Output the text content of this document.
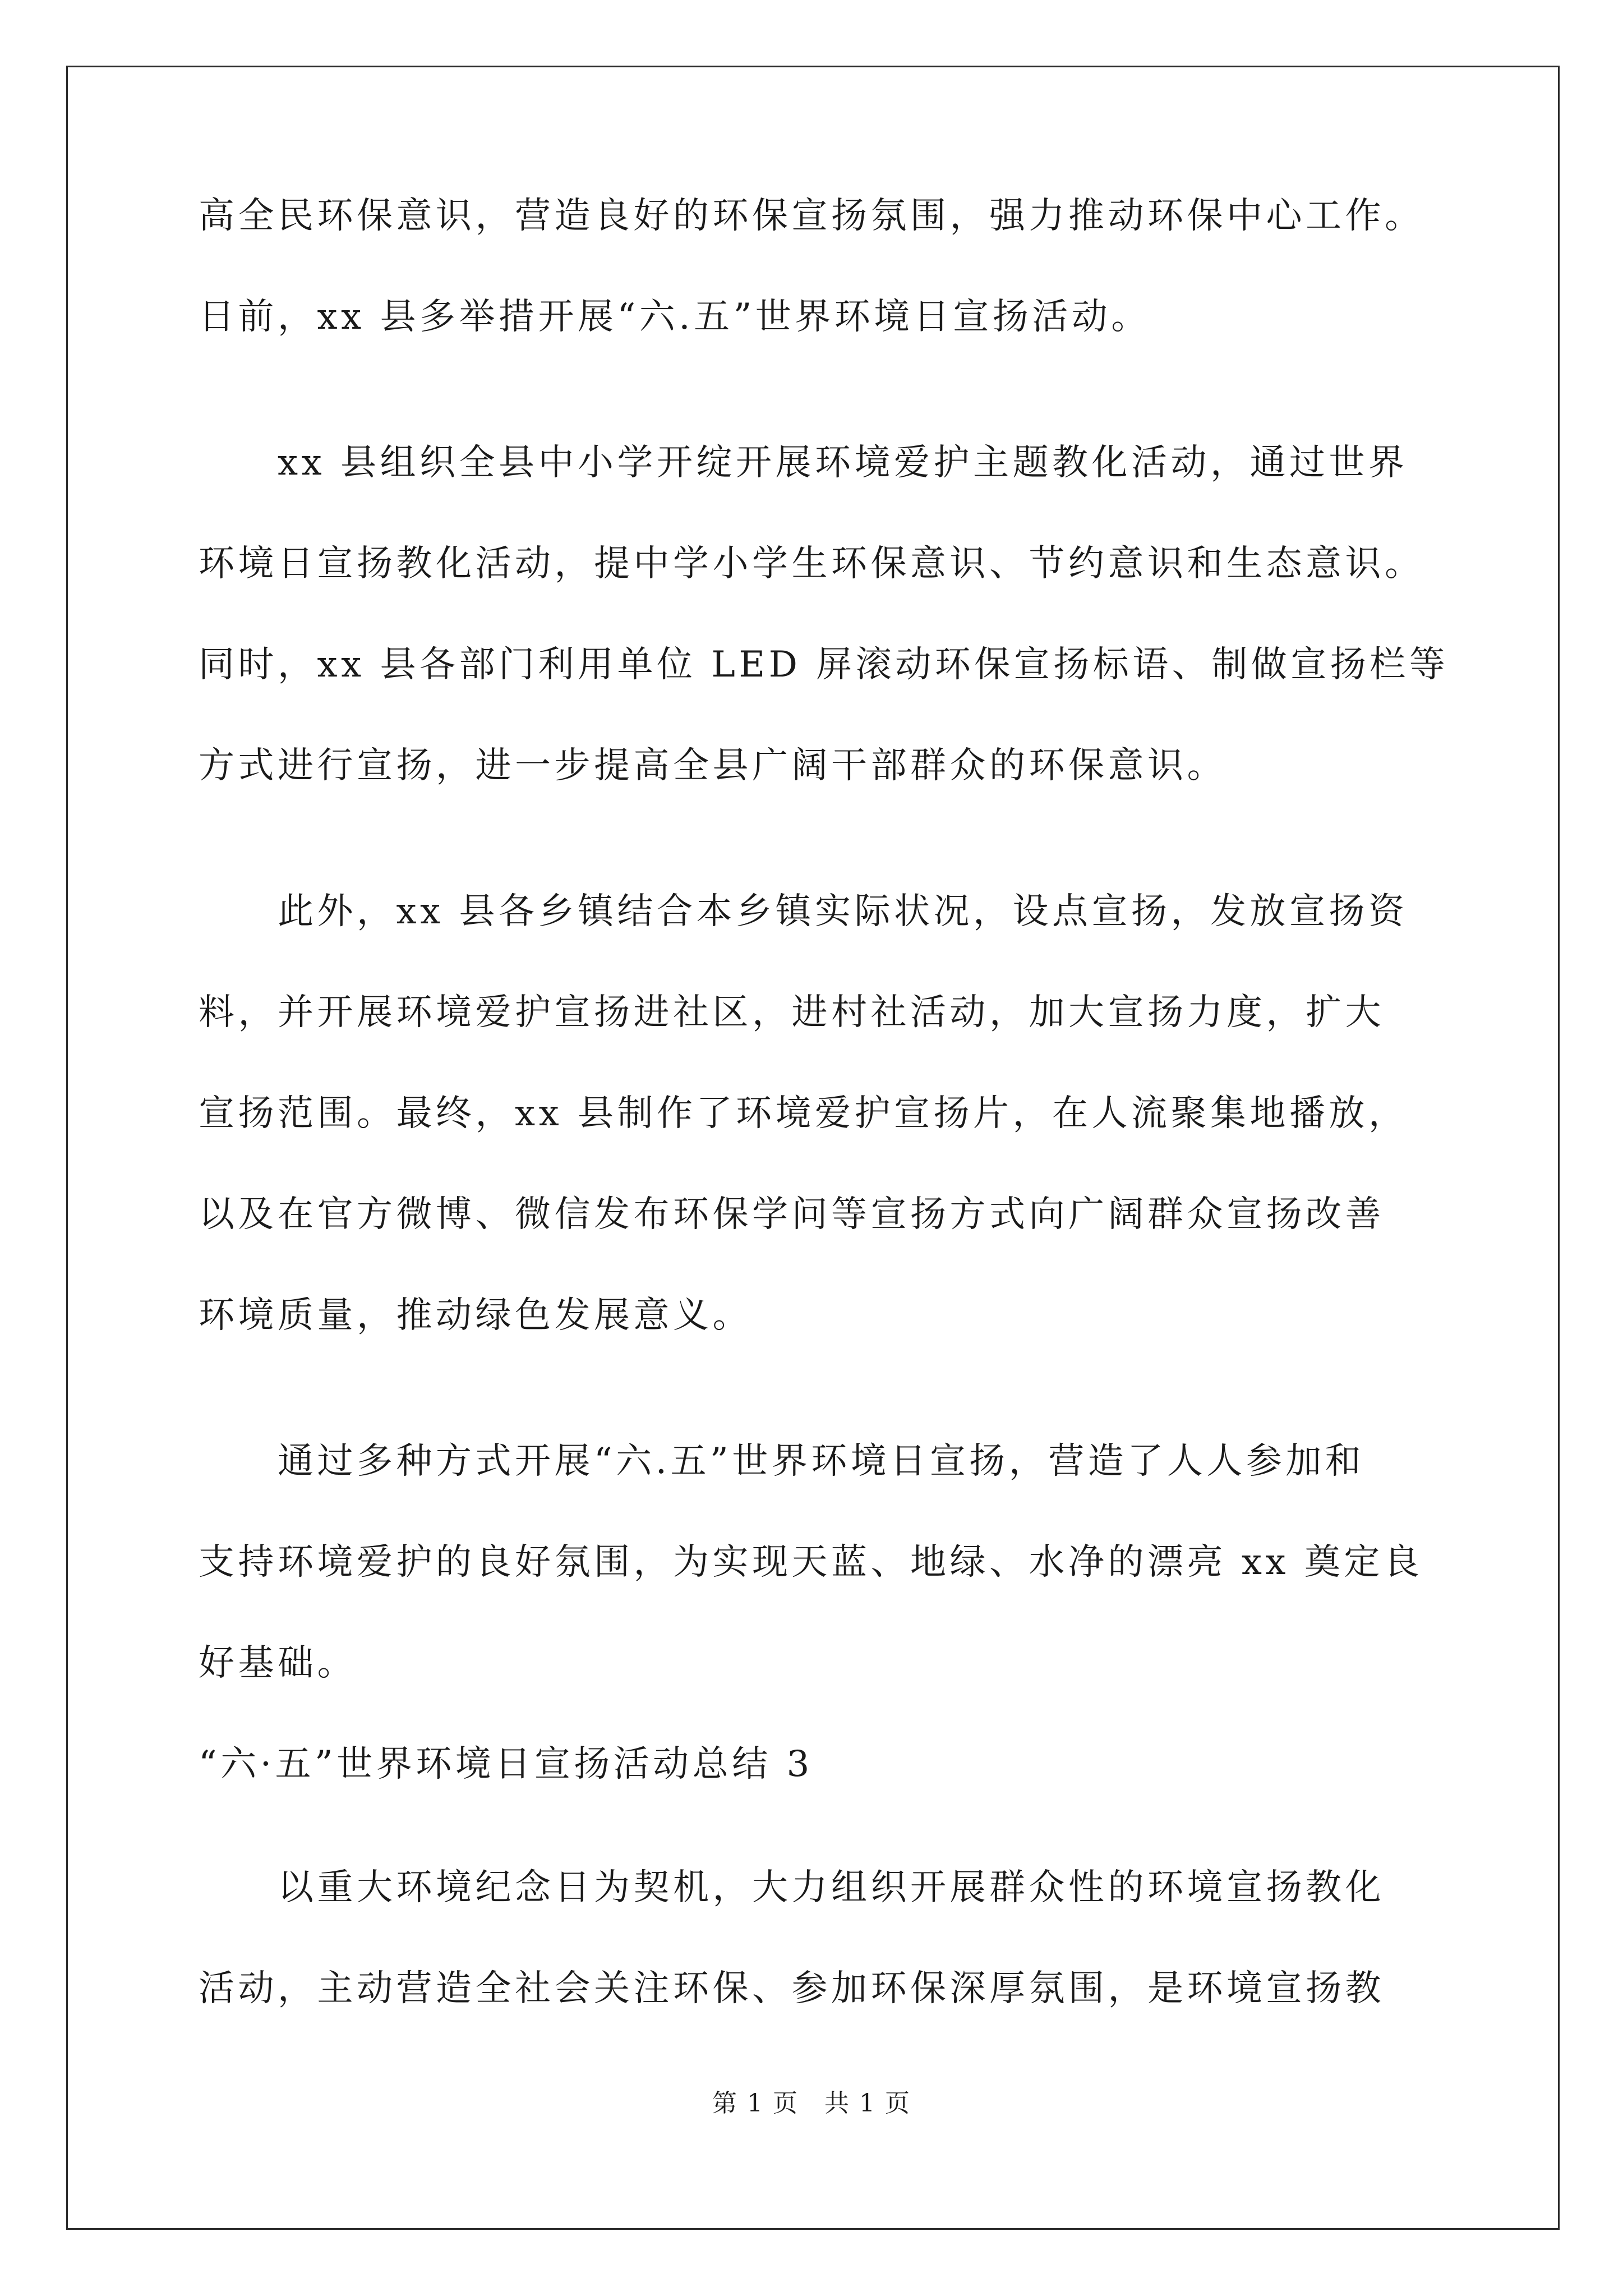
高全民环保意识，营造良好的环保宣扬氛围，强力推动环保中心工作。
日前，xx 县多举措开展“六.五”世界环境日宣扬活动。
　　xx 县组织全县中小学开绽开展环境爱护主题教化活动，通过世界
环境日宣扬教化活动，提中学小学生环保意识、节约意识和生态意识。
同时，xx 县各部门利用单位 LED 屏滚动环保宣扬标语、制做宣扬栏等
方式进行宣扬，进一步提高全县广阔干部群众的环保意识。
　　此外，xx 县各乡镇结合本乡镇实际状况，设点宣扬，发放宣扬资
料，并开展环境爱护宣扬进社区，进村社活动，加大宣扬力度，扩大
宣扬范围。最终，xx 县制作了环境爱护宣扬片，在人流聚集地播放，
以及在官方微博、微信发布环保学问等宣扬方式向广阔群众宣扬改善
环境质量，推动绿色发展意义。
　　通过多种方式开展“六.五”世界环境日宣扬，营造了人人参加和
支持环境爱护的良好氛围，为实现天蓝、地绿、水净的漂亮 xx 奠定良
好基础。
“六·五”世界环境日宣扬活动总结 3
　　以重大环境纪念日为契机，大力组织开展群众性的环境宣扬教化
活动，主动营造全社会关注环保、参加环保深厚氛围，是环境宣扬教
第 1 页　共 1 页
